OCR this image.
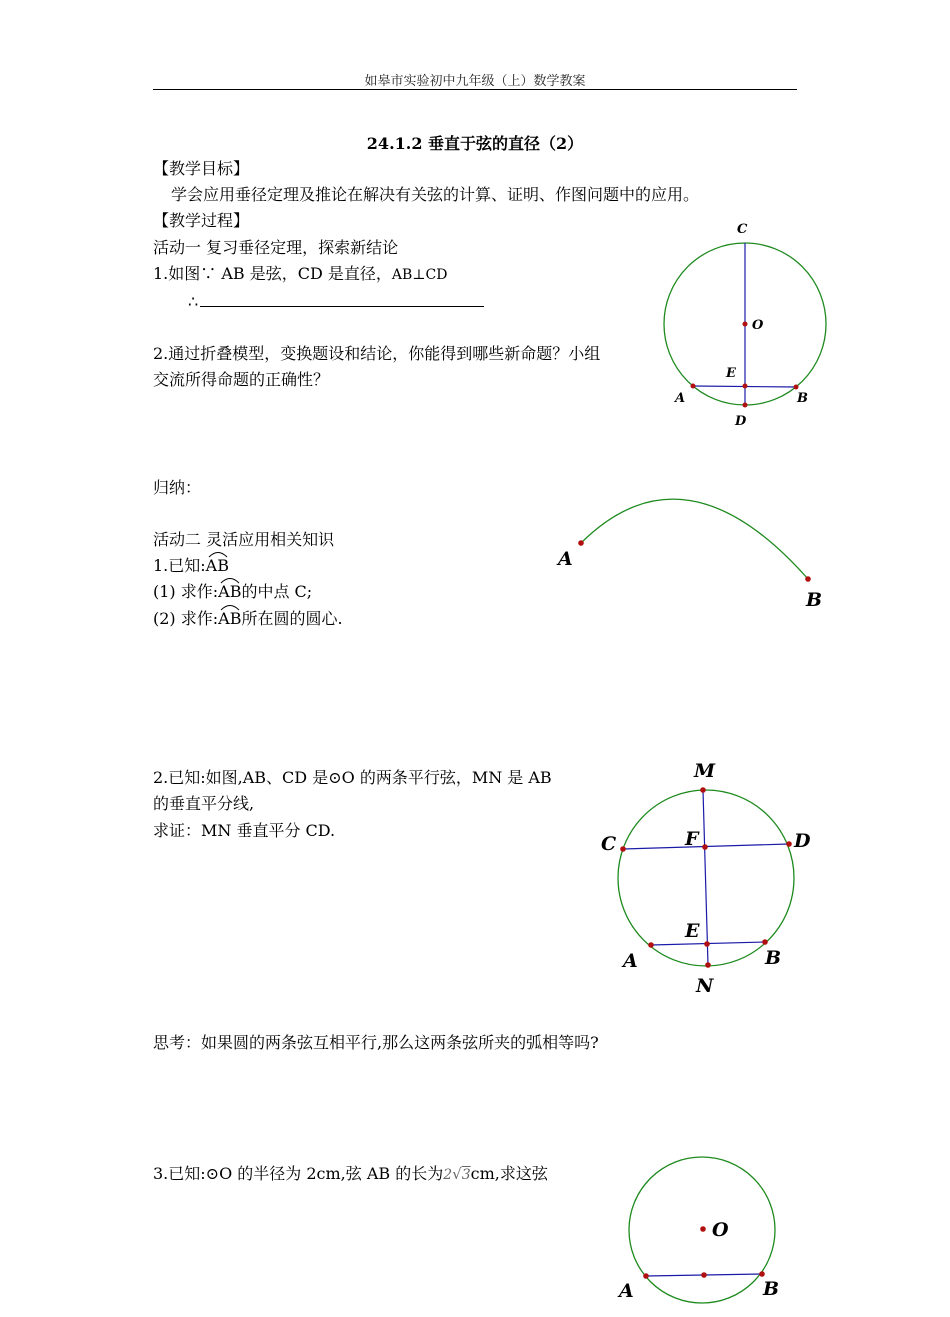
如皋市实验初中九年级（上）数学教案
24.1.2 垂直于弦的直径（2）
【教学目标】
学会应用垂径定理及推论在解决有关弦的计算、证明、作图问题中的应用。
【教学过程】
活动一 复习垂径定理，探索新结论
1.如图∵ AB 是弦，CD 是直径，AB⊥CD
∴
2.通过折叠模型，变换题设和结论，你能得到哪些新命题？小组
交流所得命题的正确性？
归纳：
活动二 灵活应用相关知识
1.已知:
AB
(1) 求作:
AB的中点 C;
(2) 求作:
AB所在圆的圆心.
2.已知:如图,AB、CD 是⊙O 的两条平行弦，MN 是 AB
的垂直平分线,
求证：MN 垂直平分 CD.
思考：如果圆的两条弦互相平行,那么这两条弦所夹的弧相等吗?
3.已知:⊙O 的半径为 2cm,弦 AB 的长为2√3cm,求这弦
C
O
E
A	B
D
A
B
M
N
C	D
F
E
A	B
O
A	B
